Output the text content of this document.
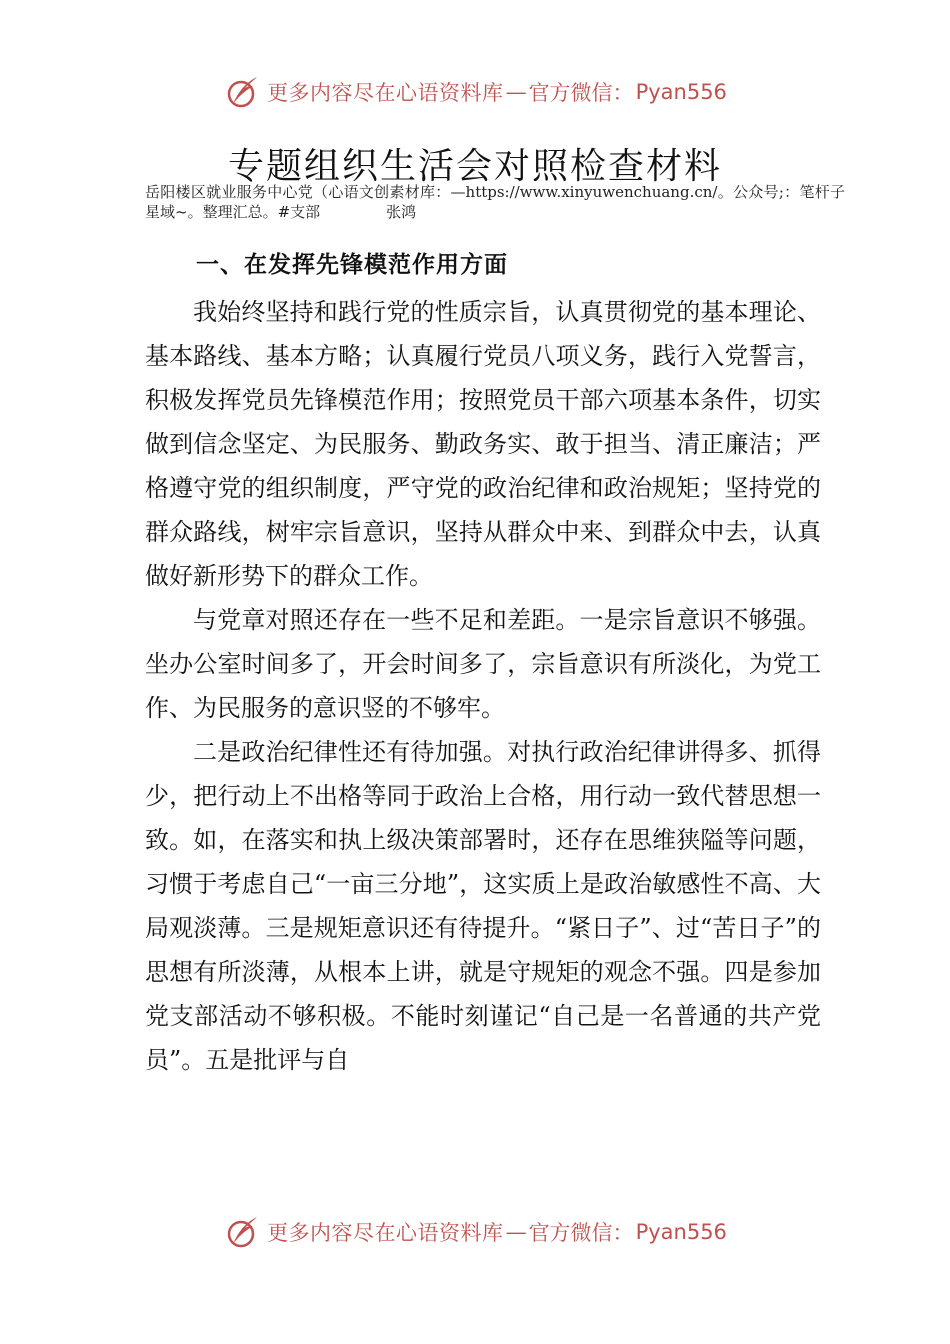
更多内容尽在心语资料库 — 官方微信： Pyan556
专题组织生活会对照检查材料
岳阳楼区就业服务中心党（心语文创素材库：—https://www.xinyuwenchuang.cn/。公众号;：笔杆子星域~。整理汇总。#支部	张鸿
一、在发挥先锋模范作用方面

我始终坚持和践行党的性质宗旨，认真贯彻党的基本理论、基本路线、基本方略；认真履行党员八项义务，践行入党誓言，积极发挥党员先锋模范作用；按照党员干部六项基本条件，切实做到信念坚定、为民服务、勤政务实、敢于担当、清正廉洁；严格遵守党的组织制度，严守党的政治纪律和政治规矩；坚持党的群众路线，树牢宗旨意识，坚持从群众中来、到群众中去，认真做好新形势下的群众工作。

与党章对照还存在一些不足和差距。一是宗旨意识不够强。坐办公室时间多了，开会时间多了，宗旨意识有所淡化，为党工作、为民服务的意识竖的不够牢。

二是政治纪律性还有待加强。对执行政治纪律讲得多、抓得少，把行动上不出格等同于政治上合格，用行动一致代替思想一致。如，在落实和执上级决策部署时，还存在思维狭隘等问题，习惯于考虑自己“一亩三分地”，这实质上是政治敏感性不高、大局观淡薄。三是规矩意识还有待提升。“紧日子”、过“苦日子”的思想有所淡薄，从根本上讲，就是守规矩的观念不强。四是参加党支部活动不够积极。不能时刻谨记“自己是一名普通的共产党员”。五是批评与自

更多内容尽在心语资料库 — 官方微信： Pyan556
